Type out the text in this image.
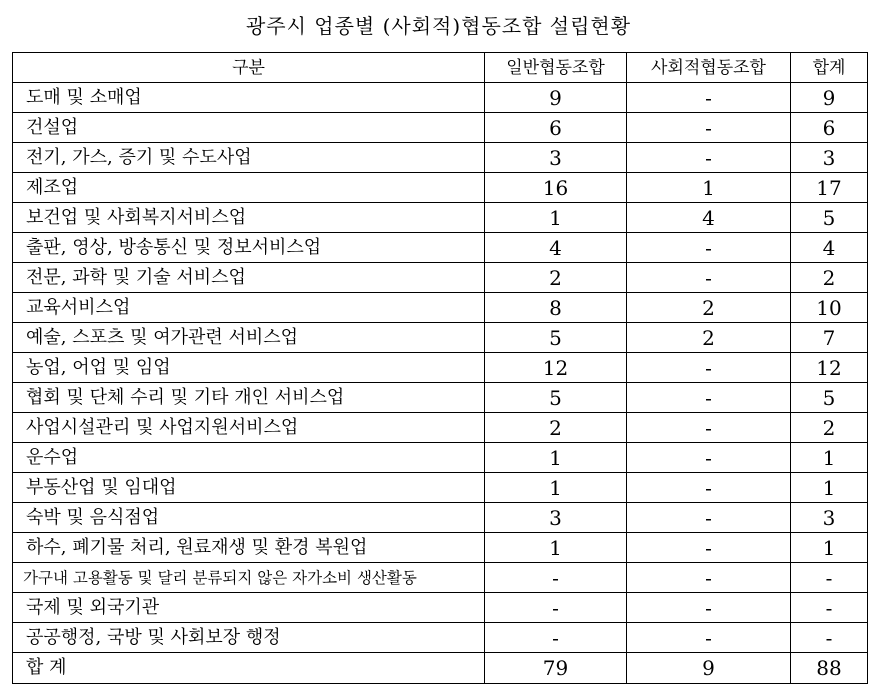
광주시 업종별 (사회적)협동조합 설립현황
구분	일반협동조합	사회적협동조합	합계
도매 및 소매업	9	-	9
건설업	6	-	6
전기, 가스, 증기 및 수도사업	3	-	3
제조업	16	1	17
보건업 및 사회복지서비스업	1	4	5
출판, 영상, 방송통신 및 정보서비스업	4	-	4
전문, 과학 및 기술 서비스업	2	-	2
교육서비스업	8	2	10
예술, 스포츠 및 여가관련 서비스업	5	2	7
농업, 어업 및 임업	12	-	12
협회 및 단체 수리 및 기타 개인 서비스업	5	-	5
사업시설관리 및 사업지원서비스업	2	-	2
운수업	1	-	1
부동산업 및 임대업	1	-	1
숙박 및 음식점업	3	-	3
하수, 폐기물 처리, 원료재생 및 환경 복원업	1	-	1
가구내 고용활동 및 달리 분류되지 않은 자가소비 생산활동	-	-	-
국제 및 외국기관	-	-	-
공공행정, 국방 및 사회보장 행정	-	-	-
합 계	79	9	88
